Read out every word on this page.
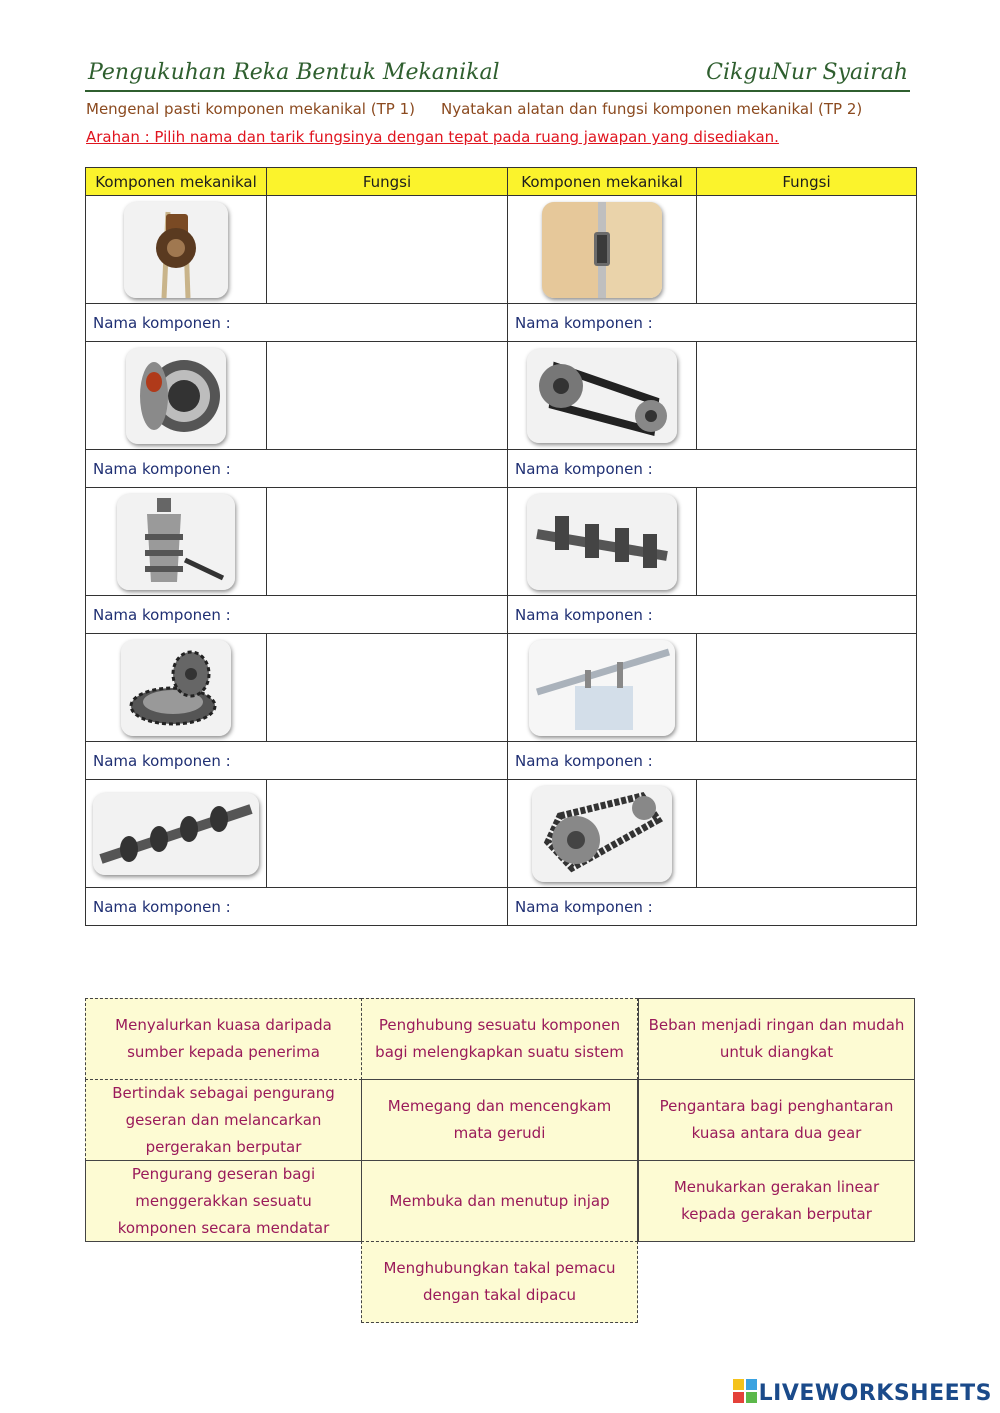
Pengukuhan Reka Bentuk Mekanikal	CikguNur Syairah
Mengenal pasti komponen mekanikal (TP 1) Nyatakan alatan dan fungsi komponen mekanikal (TP 2)
Arahan : Pilih nama dan tarik fungsinya dengan tepat pada ruang jawapan yang disediakan.
Komponen mekanikal	Fungsi	Komponen mekanikal	Fungsi

Nama komponen :		Nama komponen :	

Nama komponen :		Nama komponen :	

Nama komponen :		Nama komponen :	

Nama komponen :		Nama komponen :	

Nama komponen :		Nama komponen :	
Menyalurkan kuasa daripada sumber kepada penerima
Penghubung sesuatu komponen bagi melengkapkan suatu sistem
Beban menjadi ringan dan mudah untuk diangkat
Bertindak sebagai pengurang geseran dan melancarkan pergerakan berputar
Memegang dan mencengkam mata gerudi
Pengantara bagi penghantaran kuasa antara dua gear
Pengurang geseran bagi menggerakkan sesuatu komponen secara mendatar
Membuka dan menutup injap
Menukarkan gerakan linear kepada gerakan berputar
Menghubungkan takal pemacu dengan takal dipacu
LIVEWORKSHEETS
